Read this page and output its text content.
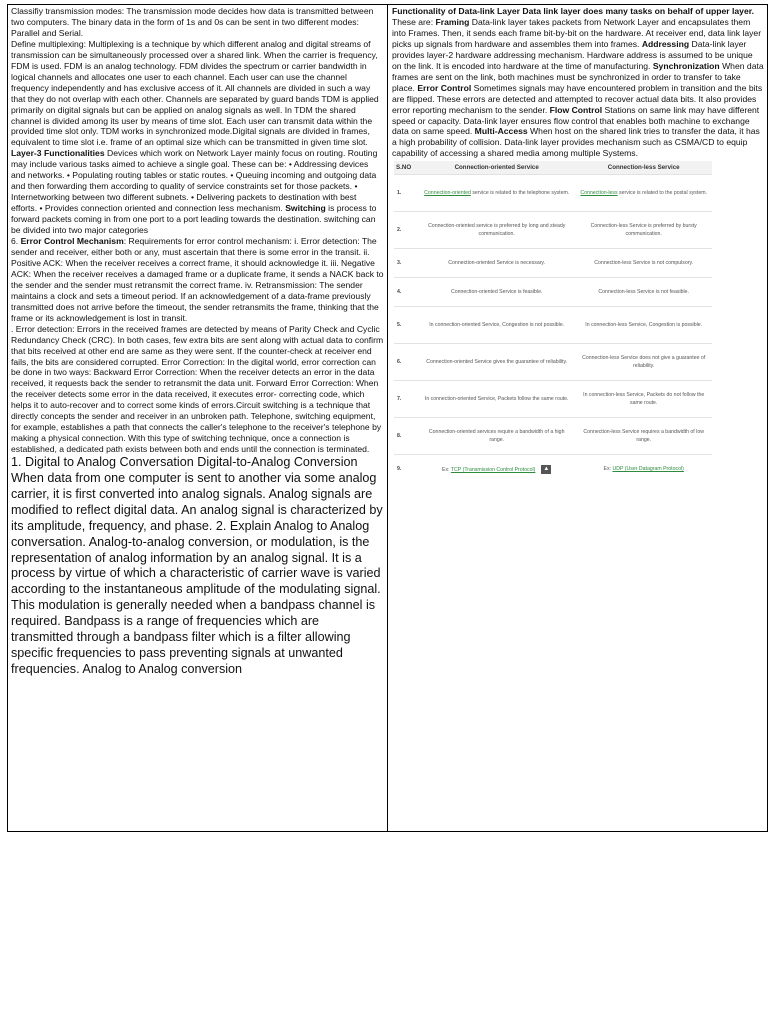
Classifiy transmission modes: The transmission mode decides how data is transmitted between two computers. The binary data in the form of 1s and 0s can be sent in two different modes: Parallel and Serial.

Define multiplexing: Multiplexing is a technique by which different analog and digital streams of transmission can be simultaneously processed over a shared link. When the carrier is frequency, FDM is used. FDM is an analog technology. FDM divides the spectrum or carrier bandwidth in logical channels and allocates one user to each channel. Each user can use the channel frequency independently and has exclusive access of it. All channels are divided in such a way that they do not overlap with each other. Channels are separated by guard bands TDM is applied primarily on digital signals but can be applied on analog signals as well. In TDM the shared channel is divided among its user by means of time slot. Each user can transmit data within the provided time slot only. TDM works in synchronized mode.Digital signals are divided in frames, equivalent to time slot i.e. frame of an optimal size which can be transmitted in given time slot.

Layer-3 Functionalities Devices which work on Network Layer mainly focus on routing. Routing may include various tasks aimed to achieve a single goal. These can be: • Addressing devices and networks. • Populating routing tables or static routes. • Queuing incoming and outgoing data and then forwarding them according to quality of service constraints set for those packets. • Internetworking between two different subnets. • Delivering packets to destination with best efforts. • Provides connection oriented and connection less mechanism. Switching is process to forward packets coming in from one port to a port leading towards the destination. switching can be divided into two major categories

6. Error Control Mechanism: Requirements for error control mechanism: i. Error detection: The sender and receiver, either both or any, must ascertain that there is some error in the transit. ii. Positive ACK: When the receiver receives a correct frame, it should acknowledge it. iii. Negative ACK: When the receiver receives a damaged frame or a duplicate frame, it sends a NACK back to the sender and the sender must retransmit the correct frame. iv. Retransmission: The sender maintains a clock and sets a timeout period. If an acknowledgement of a data-frame previously transmitted does not arrive before the timeout, the sender retransmits the frame, thinking that the frame or its acknowledgement is lost in transit.

. Error detection: Errors in the received frames are detected by means of Parity Check and Cyclic Redundancy Check (CRC). In both cases, few extra bits are sent along with actual data to confirm that bits received at other end are same as they were sent. If the counter-check at receiver end fails, the bits are considered corrupted. Error Correction: In the digital world, error correction can be done in two ways: Backward Error Correction: When the receiver detects an error in the data received, it requests back the sender to retransmit the data unit. Forward Error Correction: When the receiver detects some error in the data received, it executes error- correcting code, which helps it to auto-recover and to correct some kinds of errors.Circuit switching is a technique that directly concepts the sender and receiver in an unbroken path. Telephone, switching equipment, for example, establishes a path that connects the caller's telephone to the receiver's telephone by making a physical connection. With this type of switching technique, once a connection is established, a dedicated path exists between both and ends until the connection is terminated.

1. Digital to Analog Conversation Digital-to-Analog Conversion When data from one computer is sent to another via some analog carrier, it is first converted into analog signals. Analog signals are modified to reflect digital data. An analog signal is characterized by its amplitude, frequency, and phase. 2. Explain Analog to Analog conversation. Analog-to-analog conversion, or modulation, is the representation of analog information by an analog signal. It is a process by virtue of which a characteristic of carrier wave is varied according to the instantaneous amplitude of the modulating signal. This modulation is generally needed when a bandpass channel is required. Bandpass is a range of frequencies which are transmitted through a bandpass filter which is a filter allowing specific frequencies to pass preventing signals at unwanted frequencies. Analog to Analog conversion

Functionality of Data-link Layer Data link layer does many tasks on behalf of upper layer. These are: Framing Data-link layer takes packets from Network Layer and encapsulates them into Frames. Then, it sends each frame bit-by-bit on the hardware. At receiver end, data link layer picks up signals from hardware and assembles them into frames. Addressing Data-link layer provides layer-2 hardware addressing mechanism. Hardware address is assumed to be unique on the link. It is encoded into hardware at the time of manufacturing. Synchronization When data frames are sent on the link, both machines must be synchronized in order to transfer to take place. Error Control Sometimes signals may have encountered problem in transition and the bits are flipped. These errors are detected and attempted to recover actual data bits. It also provides error reporting mechanism to the sender. Flow Control Stations on same link may have different speed or capacity. Data-link layer ensures flow control that enables both machine to exchange data on same speed. Multi-Access When host on the shared link tries to transfer the data, it has a high probability of collision. Data-link layer provides mechanism such as CSMA/CD to equip capability of accessing a shared media among multiple Systems.

S.NO	Connection-oriented Service	Connection-less Service
1.	Connection-oriented service is related to the telephone system.	Connection-less service is related to the postal system.
2.	Connection-oriented service is preferred by long and steady communication.	Connection-less Service is preferred by bursty communication.
3.	Connection-oriented Service is necessary.	Connection-less Service is not compulsory.
4.	Connection-oriented Service is feasible.	Connection-less Service is not feasible.
5.	In connection-oriented Service, Congestion is not possible.	In connection-less Service, Congestion is possible.
6.	Connection-oriented Service gives the guarantee of reliability.	Connection-less Service does not give a guarantee of reliability.
7.	In connection-oriented Service, Packets follow the same route.	In connection-less Service, Packets do not follow the same route.
8.	Connection-oriented services require a bandwidth of a high range.	Connection-less Service requires a bandwidth of low range.
9.	Ex: TCP (Transmission Control Protocol) ▲	Ex: UDP (User Datagram Protocol)
